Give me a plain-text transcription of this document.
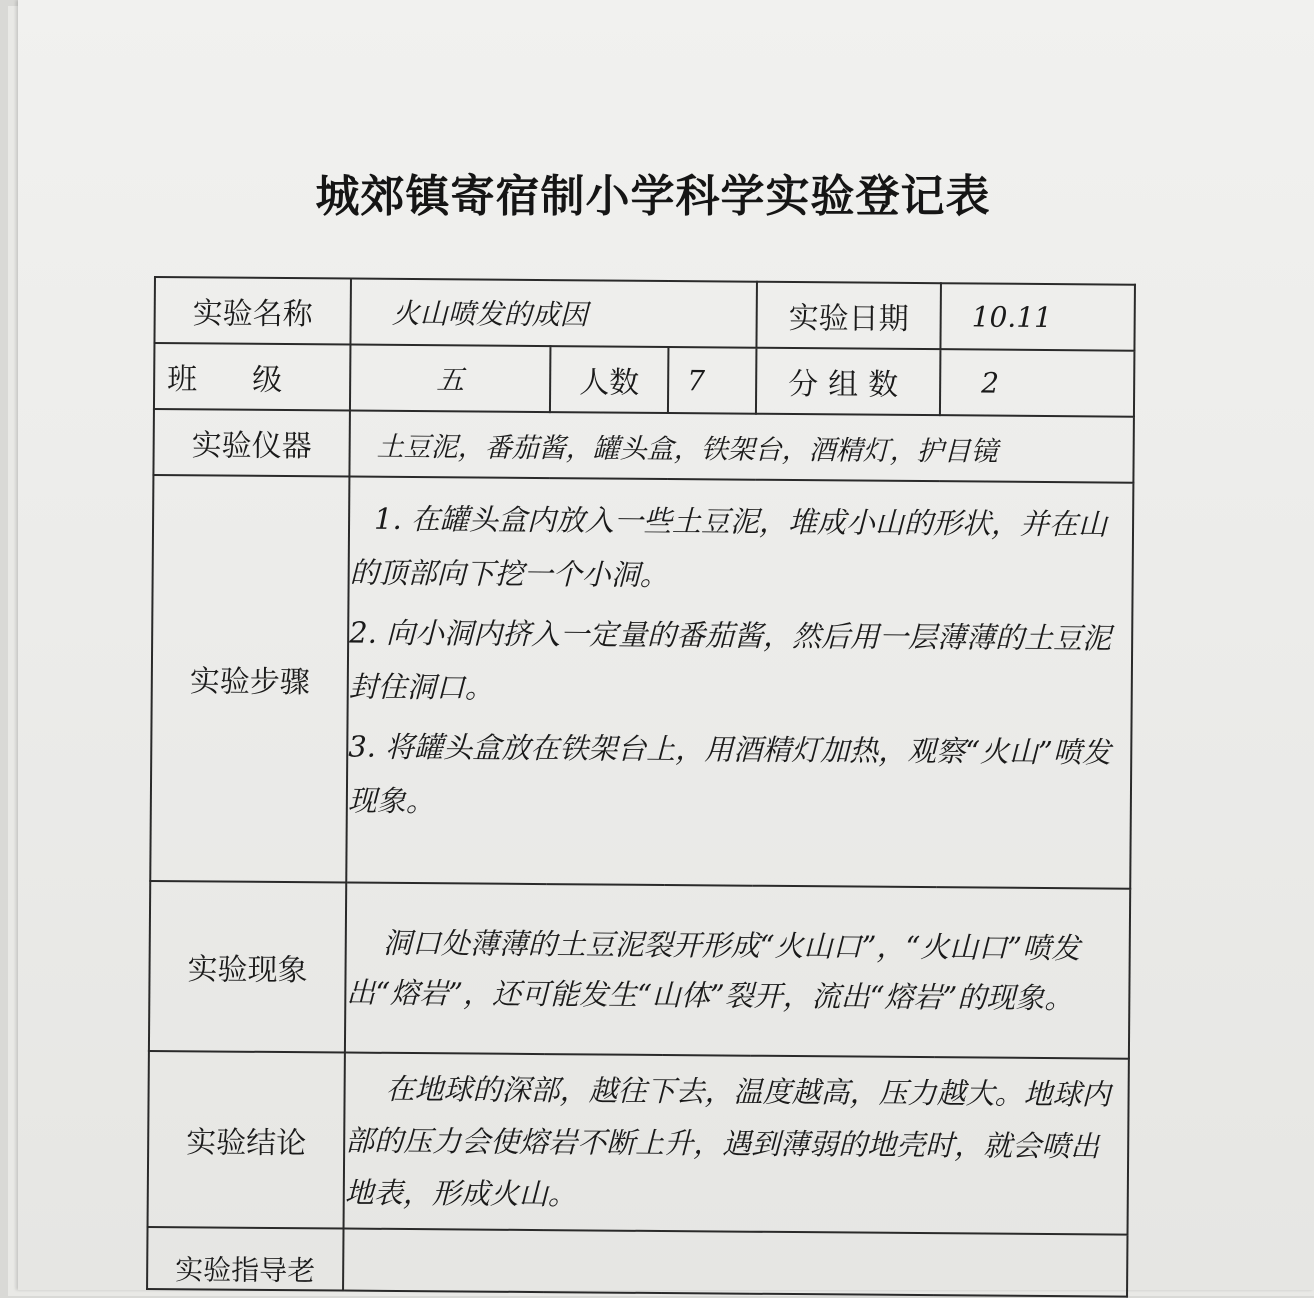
城郊镇寄宿制小学科学实验登记表
实验名称	火山喷发的成因			实验日期	10.11
班级	五	人数	7	分组数	2
实验仪器	土豆泥，番茄酱，罐头盒，铁架台，酒精灯，护目镜				
实验步骤	1. 在罐头盒内放入一些土豆泥，堆成小山的形状，并在山的顶部向下挖一个小洞。

2. 向小洞内挤入一定量的番茄酱，然后用一层薄薄的土豆泥封住洞口。

3. 将罐头盒放在铁架台上，用酒精灯加热，观察“火山”喷发现象。				

实验现象	洞口处薄薄的土豆泥裂开形成“火山口”，“火山口”喷发出“熔岩”，还可能发生“山体”裂开，流出“熔岩”的现象。				
实验结论	在地球的深部，越往下去，温度越高，压力越大。地球内部的压力会使熔岩不断上升，遇到薄弱的地壳时，就会喷出地表，形成火山。				
实验指导老					
